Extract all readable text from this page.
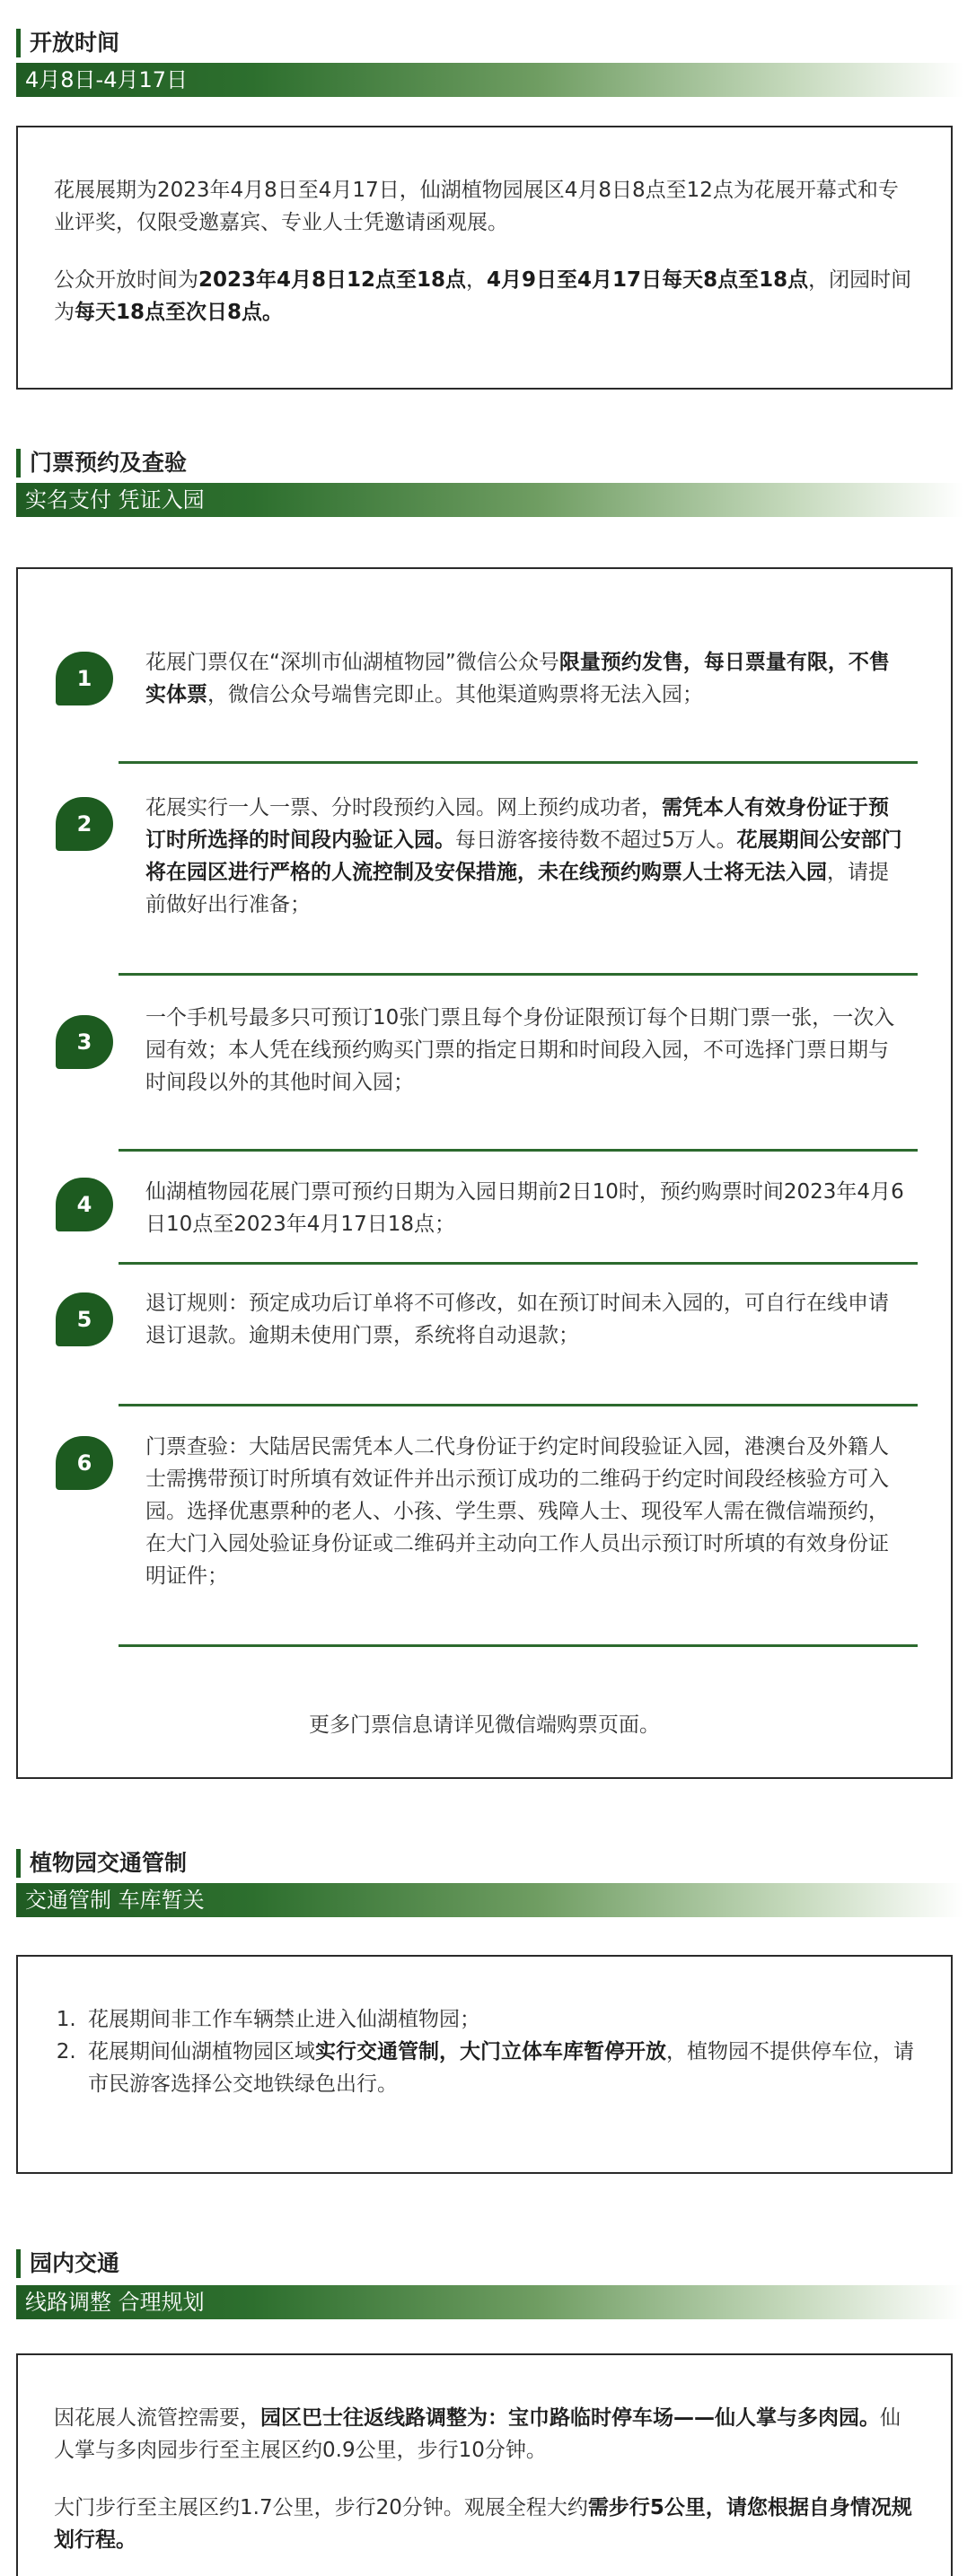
开放时间
4月8日-4月17日

花展展期为2023年4月8日至4月17日，仙湖植物园展区4月8日8点至12点为花展开幕式和专业评奖，仅限受邀嘉宾、专业人士凭邀请函观展。

公众开放时间为2023年4月8日12点至18点，4月9日至4月17日每天8点至18点，闭园时间为每天18点至次日8点。

门票预约及查验
实名支付 凭证入园
1
花展门票仅在“深圳市仙湖植物园”微信公众号限量预约发售，每日票量有限，不售实体票，微信公众号端售完即止。其他渠道购票将无法入园；
2
花展实行一人一票、分时段预约入园。网上预约成功者，需凭本人有效身份证于预订时所选择的时间段内验证入园。每日游客接待数不超过5万人。花展期间公安部门将在园区进行严格的人流控制及安保措施，未在线预约购票人士将无法入园，请提前做好出行准备；
3
一个手机号最多只可预订10张门票且每个身份证限预订每个日期门票一张，一次入园有效；本人凭在线预约购买门票的指定日期和时间段入园，不可选择门票日期与时间段以外的其他时间入园；
4	仙湖植物园花展门票可预约日期为入园日期前2日10时，预约购票时间2023年4月6日10点至2023年4月17日18点；
5
退订规则：预定成功后订单将不可修改，如在预订时间未入园的，可自行在线申请退订退款。逾期未使用门票，系统将自动退款；
6
门票查验：大陆居民需凭本人二代身份证于约定时间段验证入园，港澳台及外籍人士需携带预订时所填有效证件并出示预订成功的二维码于约定时间段经核验方可入园。选择优惠票种的老人、小孩、学生票、残障人士、现役军人需在微信端预约，在大门入园处验证身份证或二维码并主动向工作人员出示预订时所填的有效身份证明证件；
更多门票信息请详见微信端购票页面。
植物园交通管制
交通管制 车库暂关
1. 花展期间非工作车辆禁止进入仙湖植物园；
2. 花展期间仙湖植物园区域实行交通管制，大门立体车库暂停开放，植物园不提供停车位，请市民游客选择公交地铁绿色出行。
园内交通
线路调整 合理规划

因花展人流管控需要，园区巴士往返线路调整为：宝巾路临时停车场——仙人掌与多肉园。仙人掌与多肉园步行至主展区约0.9公里，步行10分钟。

大门步行至主展区约1.7公里，步行20分钟。观展全程大约需步行5公里，请您根据自身情况规划行程。
